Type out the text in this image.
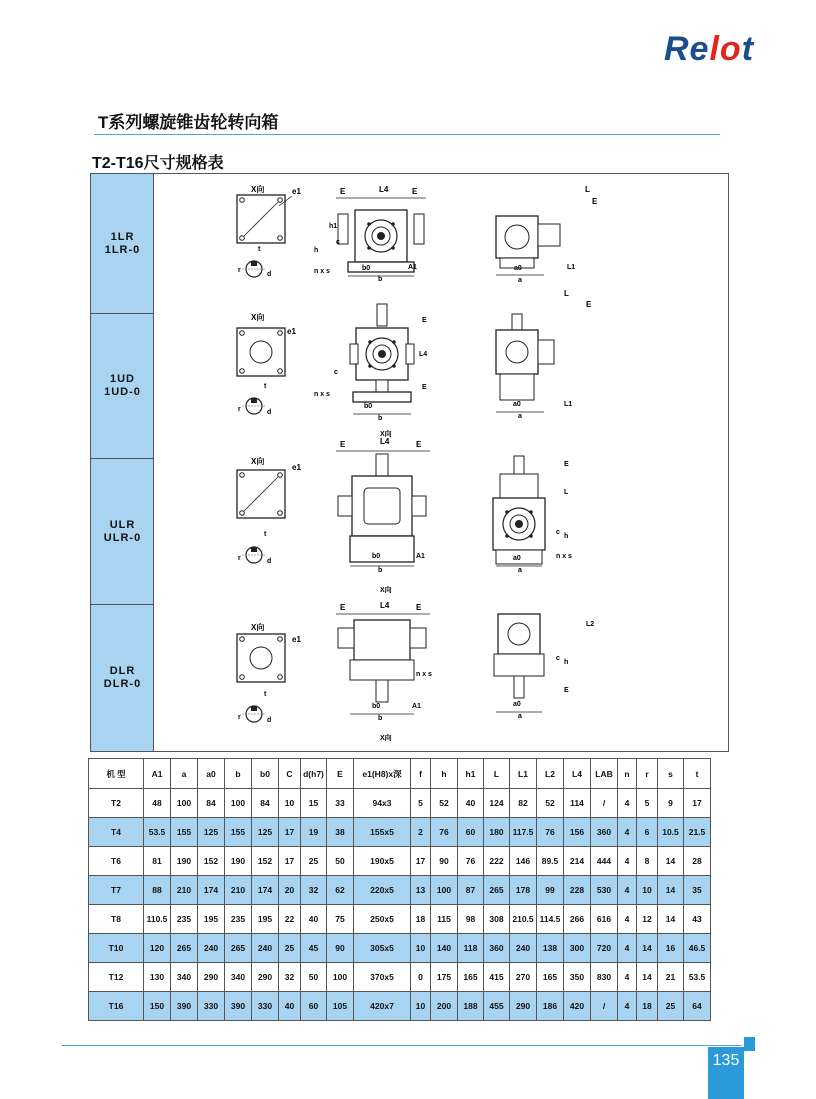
Relot
T系列螺旋锥齿轮转向箱
T2-T16尺寸规格表
1LR
1LR-0
1UD
1UD-0
ULR
ULR-0
DLR
DLR-0
X向	e1
t
r
d
E	L4	E
h1
h
c
n x s	b0	A1
b
L
E
a0	L1
a
X向
e1
t
r	d
E
L4
E
c
n x s
b0
b
X向
L
E
a0	L1
a
X向
e1
t
r	d
E	L4	E
b0	A1
b
X向
E
L
c
h
n x s
a0
a
X向
e1
t
r	d
E	L4	E
n x s
b0	A1
b
X向
L2
c
h
E
a0
a
机 型	A1	a	a0	b	b0	C	d(h7)	E	e1(H8)x深	f	h	h1	L	L1	L2	L4	LAB	n	r	s	t
T2	48	100	84	100	84	10	15	33	94x3	5	52	40	124	82	52	114	/	4	5	9	17
T4	53.5	155	125	155	125	17	19	38	155x5	2	76	60	180	117.5	76	156	360	4	6	10.5	21.5
T6	81	190	152	190	152	17	25	50	190x5	17	90	76	222	146	89.5	214	444	4	8	14	28
T7	88	210	174	210	174	20	32	62	220x5	13	100	87	265	178	99	228	530	4	10	14	35
T8	110.5	235	195	235	195	22	40	75	250x5	18	115	98	308	210.5	114.5	266	616	4	12	14	43
T10	120	265	240	265	240	25	45	90	305x5	10	140	118	360	240	138	300	720	4	14	16	46.5
T12	130	340	290	340	290	32	50	100	370x5	0	175	165	415	270	165	350	830	4	14	21	53.5
T16	150	390	330	390	330	40	60	105	420x7	10	200	188	455	290	186	420	/	4	18	25	64
135
